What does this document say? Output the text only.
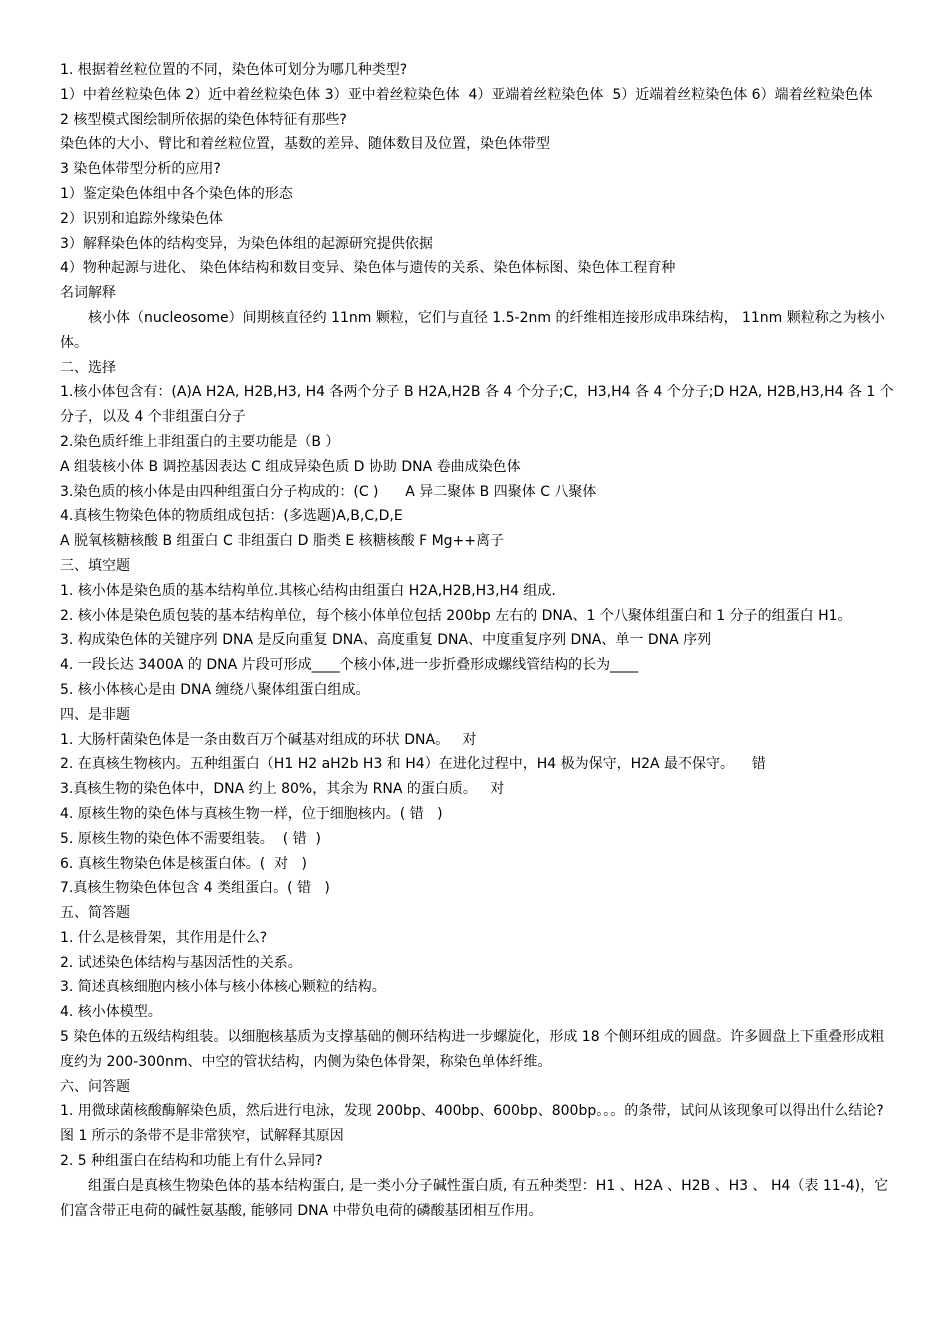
1. 根据着丝粒位置的不同，染色体可划分为哪几种类型?

1）中着丝粒染色体 2）近中着丝粒染色体 3）亚中着丝粒染色体  4）亚端着丝粒染色体  5）近端着丝粒染色体 6）端着丝粒染色体

2 核型模式图绘制所依据的染色体特征有那些?

染色体的大小、臂比和着丝粒位置，基数的差异、随体数目及位置，染色体带型

3 染色体带型分析的应用?

1）鉴定染色体组中各个染色体的形态

2）识别和追踪外缘染色体

3）解释染色体的结构变异，为染色体组的起源研究提供依据

4）物种起源与进化、 染色体结构和数目变异、染色体与遗传的关系、染色体标图、染色体工程育种

名词解释

核小体（nucleosome）间期核直径约 11nm 颗粒，它们与直径 1.5-2nm 的纤维相连接形成串珠结构， 11nm 颗粒称之为核小体。

二、选择

1.核小体包含有：(A)A H2A, H2B,H3, H4 各两个分子 B H2A,H2B 各 4 个分子;C，H3,H4 各 4 个分子;D H2A, H2B,H3,H4 各 1 个分子，以及 4 个非组蛋白分子

2.染色质纤维上非组蛋白的主要功能是（B ）

A 组装核小体 B 调控基因表达 C 组成异染色质 D 协助 DNA 卷曲成染色体

3.染色质的核小体是由四种组蛋白分子构成的：(C )      A 异二聚体 B 四聚体 C 八聚体

4.真核生物染色体的物质组成包括：(多选题)A,B,C,D,E

A 脱氧核糖核酸 B 组蛋白 C 非组蛋白 D 脂类 E 核糖核酸 F Mg++离子

三、填空题

1. 核小体是染色质的基本结构单位.其核心结构由组蛋白 H2A,H2B,H3,H4 组成.

2. 核小体是染色质包装的基本结构单位，每个核小体单位包括 200bp 左右的 DNA、1 个八聚体组蛋白和 1 分子的组蛋白 H1。

3. 构成染色体的关键序列 DNA 是反向重复 DNA、高度重复 DNA、中度重复序列 DNA、单一 DNA 序列

4. 一段长达 3400A 的 DNA 片段可形成____个核小体,进一步折叠形成螺线管结构的长为____

5. 核小体核心是由 DNA 缠绕八聚体组蛋白组成。

四、是非题

1. 大肠杆菌染色体是一条由数百万个碱基对组成的环状 DNA。   对

2. 在真核生物核内。五种组蛋白（H1 H2 aH2b H3 和 H4）在进化过程中，H4 极为保守，H2A 最不保守。    错

3.真核生物的染色体中，DNA 约上 80%，其余为 RNA 的蛋白质。   对

4. 原核生物的染色体与真核生物一样，位于细胞核内。( 错   )

5. 原核生物的染色体不需要组装。  ( 错  )

6. 真核生物染色体是核蛋白体。(  对   )

7.真核生物染色体包含 4 类组蛋白。( 错   )

五、简答题

1. 什么是核骨架，其作用是什么?

2. 试述染色体结构与基因活性的关系。

3. 简述真核细胞内核小体与核小体核心颗粒的结构。

4. 核小体模型。

5 染色体的五级结构组装。以细胞核基质为支撑基础的侧环结构进一步螺旋化，形成 18 个侧环组成的圆盘。许多圆盘上下重叠形成粗度约为 200-300nm、中空的管状结构，内侧为染色体骨架，称染色单体纤维。

六、问答题

1. 用微球菌核酸酶解染色质，然后进行电泳，发现 200bp、400bp、600bp、800bp。。。的条带，试问从该现象可以得出什么结论? 图 1 所示的条带不是非常狭窄，试解释其原因

2. 5 种组蛋白在结构和功能上有什么异同?

组蛋白是真核生物染色体的基本结构蛋白, 是一类小分子碱性蛋白质, 有五种类型：H1 、H2A 、H2B 、H3 、 H4（表 11-4)，它们富含带正电荷的碱性氨基酸, 能够同 DNA 中带负电荷的磷酸基团相互作用。
